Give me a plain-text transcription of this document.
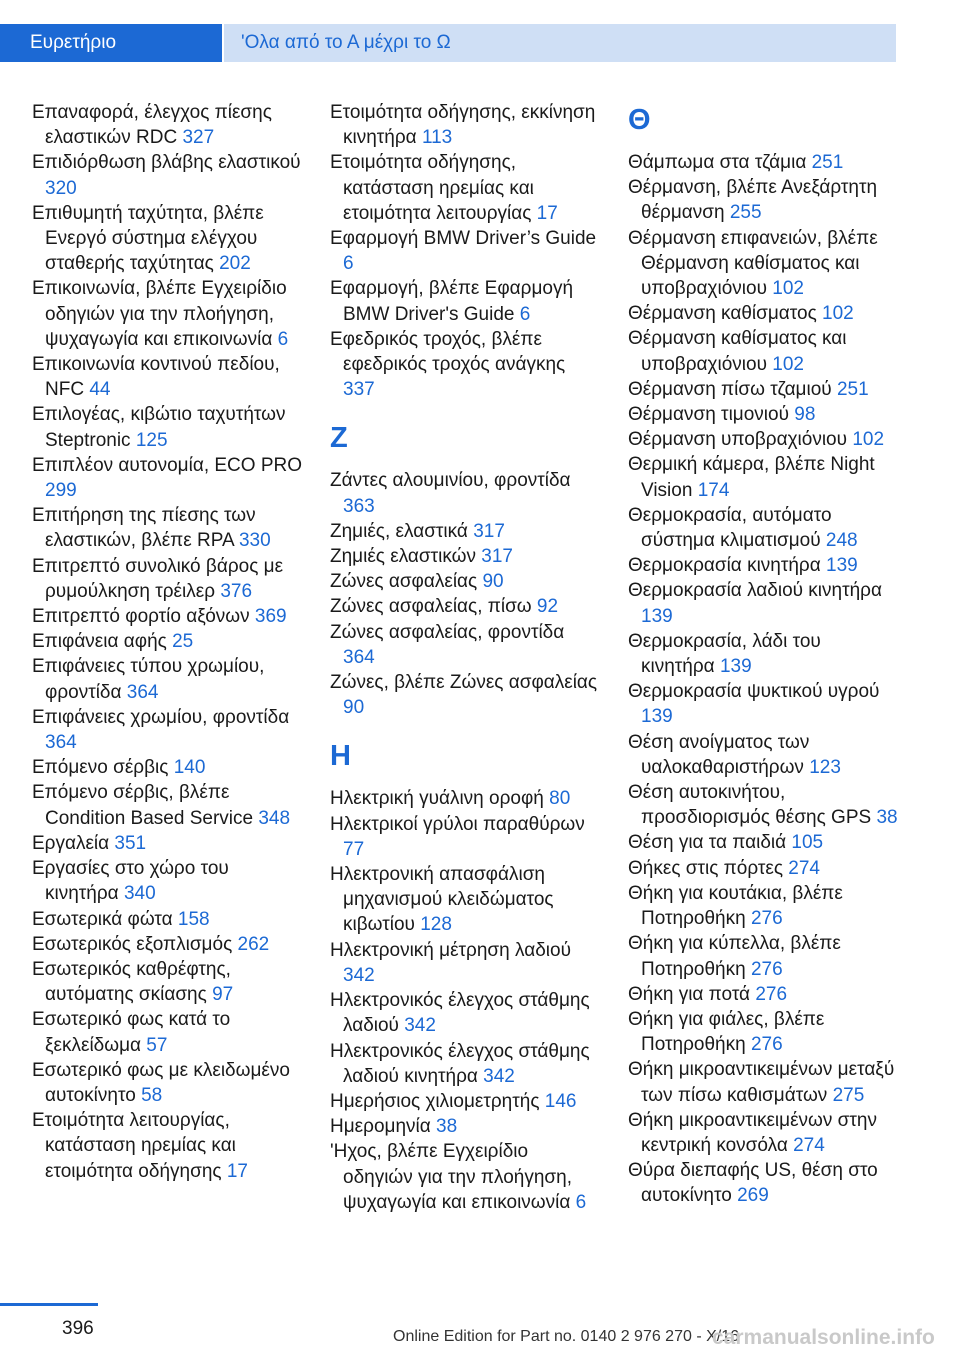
Ευρετήριο	'Ολα από το Α μέχρι το Ω
Επαναφορά, έλεγχος πίεσης ελαστικών RDC 327
Επιδιόρθωση βλάβης ελαστικού 320
Επιθυμητή ταχύτητα, βλέπε Ενεργό σύστημα ελέγχου σταθερής ταχύτητας 202
Επικοινωνία, βλέπε Εγχειρίδιο οδηγιών για την πλοήγηση, ψυχαγωγία και επικοινωνία 6
Επικοινωνία κοντινού πεδίου, NFC 44
Επιλογέας, κιβώτιο ταχυτήτων Steptronic 125
Επιπλέον αυτονομία, ECO PRO 299
Επιτήρηση της πίεσης των ελαστικών, βλέπε RPA 330
Επιτρεπτό συνολικό βάρος με ρυμούλκηση τρέιλερ 376
Επιτρεπτό φορτίο αξόνων 369
Επιφάνεια αφής 25
Επιφάνειες τύπου χρωμίου, φροντίδα 364
Επιφάνειες χρωμίου, φροντίδα 364
Επόμενο σέρβις 140
Επόμενο σέρβις, βλέπε Condition Based Service 348
Εργαλεία 351
Εργασίες στο χώρο του κινητήρα 340
Εσωτερικά φώτα 158
Εσωτερικός εξοπλισμός 262
Εσωτερικός καθρέφτης, αυτόματης σκίασης 97
Εσωτερικό φως κατά το ξεκλείδωμα 57
Εσωτερικό φως με κλειδωμένο αυτοκίνητο 58
Ετοιμότητα λειτουργίας, κατάσταση ηρεμίας και ετοιμότητα οδήγησης 17
Ετοιμότητα οδήγησης, εκκίνηση κινητήρα 113
Ετοιμότητα οδήγησης, κατάσταση ηρεμίας και ετοιμότητα λειτουργίας 17
Εφαρμογή BMW Driver’s Guide 6
Εφαρμογή, βλέπε Εφαρμογή BMW Driver's Guide 6
Εφεδρικός τροχός, βλέπε εφεδρικός τροχός ανάγκης 337
Ζ
Ζάντες αλουμινίου, φροντίδα 363
Ζημιές, ελαστικά 317
Ζημιές ελαστικών 317
Ζώνες ασφαλείας 90
Ζώνες ασφαλείας, πίσω 92
Ζώνες ασφαλείας, φροντίδα 364
Ζώνες, βλέπε Ζώνες ασφαλείας 90
Η
Ηλεκτρική γυάλινη οροφή 80
Ηλεκτρικοί γρύλοι παραθύρων 77
Ηλεκτρονική απασφάλιση μηχανισμού κλειδώματος κιβωτίου 128
Ηλεκτρονική μέτρηση λαδιού 342
Ηλεκτρονικός έλεγχος στάθμης λαδιού 342
Ηλεκτρονικός έλεγχος στάθμης λαδιού κινητήρα 342
Ημερήσιος χιλιομετρητής 146
Ημερομηνία 38
'Ηχος, βλέπε Εγχειρίδιο οδηγιών για την πλοήγηση, ψυχαγωγία και επικοινωνία 6
Θ
Θάμπωμα στα τζάμια 251
Θέρμανση, βλέπε Ανεξάρτητη θέρμανση 255
Θέρμανση επιφανειών, βλέπε Θέρμανση καθίσματος και υποβραχιόνιου 102
Θέρμανση καθίσματος 102
Θέρμανση καθίσματος και υποβραχιόνιου 102
Θέρμανση πίσω τζαμιού 251
Θέρμανση τιμονιού 98
Θέρμανση υποβραχιόνιου 102
Θερμική κάμερα, βλέπε Night Vision 174
Θερμοκρασία, αυτόματο σύστημα κλιματισμού 248
Θερμοκρασία κινητήρα 139
Θερμοκρασία λαδιού κινητήρα 139
Θερμοκρασία, λάδι του κινητήρα 139
Θερμοκρασία ψυκτικού υγρού 139
Θέση ανοίγματος των υαλοκαθαριστήρων 123
Θέση αυτοκινήτου, προσδιορισμός θέσης GPS 38
Θέση για τα παιδιά 105
Θήκες στις πόρτες 274
Θήκη για κουτάκια, βλέπε Ποτηροθήκη 276
Θήκη για κύπελλα, βλέπε Ποτηροθήκη 276
Θήκη για ποτά 276
Θήκη για φιάλες, βλέπε Ποτηροθήκη 276
Θήκη μικροαντικειμένων μεταξύ των πίσω καθισμάτων 275
Θήκη μικροαντικειμένων στην κεντρική κονσόλα 274
Θύρα διεπαφής US, θέση στο αυτοκίνητο 269
396	Online Edition for Part no. 0140 2 976 270 - X/16
carmanualsonline.info
